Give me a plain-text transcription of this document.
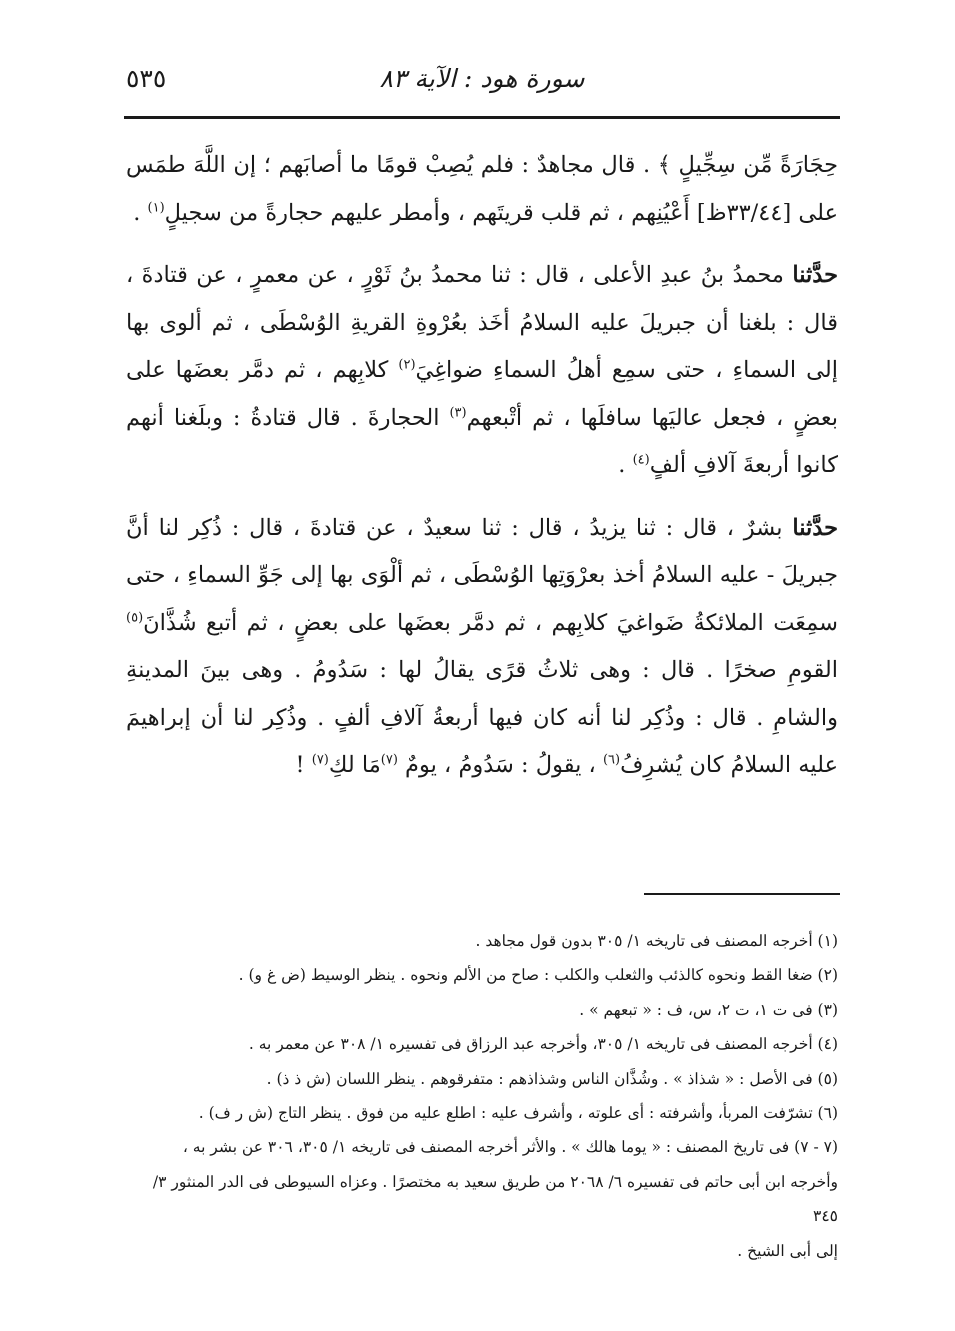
سورة هود : الآية ٨٣
٥٣٥

حِجَارَةً مِّن سِجِّيلٍ ﴾ . قال مجاهدٌ : فلم يُصِبْ قومًا ما أصابَهم ؛ إن اللَّهَ طمَس على [٣٣/٤٤ظ] أَعْيُنِهم ، ثم قلب قريتَهم ، وأمطر عليهم حجارةً من سجيلٍ$^{(١)}$ .

حدَّثنا محمدُ بنُ عبدِ الأعلى ، قال : ثنا محمدُ بنُ ثَوْرٍ ، عن معمرٍ ، عن قتادةَ ، قال : بلغنا أن جبريلَ عليه السلامُ أخَذ بعُرْوةِ القريةِ الوُسْطَى ، ثم ألوى بها إلى السماءِ ، حتى سمِع أهلُ السماءِ ضواغِيَ$^{(٢)}$ كلابِهم ، ثم دمَّر بعضَها على بعضٍ ، فجعل عاليَها سافلَها ، ثم أتْبعهم$^{(٣)}$ الحجارةَ . قال قتادةُ : وبلَغنا أنهم كانوا أربعةَ آلافِ ألفٍ$^{(٤)}$ .

حدَّثنا بشرٌ ، قال : ثنا يزيدُ ، قال : ثنا سعيدٌ ، عن قتادةَ ، قال : ذُكِر لنا أنَّ جبريلَ - عليه السلامُ أخذ بعرْوَتِها الوُسْطَى ، ثم ألْوَى بها إلى جَوِّ السماءِ ، حتى سمِعَت الملائكةُ ضَواغيَ كلابِهم ، ثم دمَّر بعضَها على بعضٍ ، ثم أتبع شُذَّانَ$^{(٥)}$ القومِ صخرًا . قال : وهى ثلاثُ قرًى يقالُ لها : سَدُومُ . وهى بينَ المدينةِ والشامِ . قال : وذُكِر لنا أنه كان فيها أربعةُ آلافِ ألفٍ . وذُكِر لنا أن إبراهيمَ عليه السلامُ كان يُشرِفُ$^{(٦)}$ ، يقولُ : سَدُومُ ، يومٌ $^{(٧)}$مَا لكِ$^{(٧)}$ !

(١) أخرجه المصنف فى تاريخه ١/ ٣٠٥ بدون قول مجاهد .

(٢) ضغا القط ونحوه كالذئب والثعلب والكلب : صاح من الألم ونحوه . ينظر الوسيط (ض غ و) .

(٣) فى ت ١، ت ٢، س، ف : « تبعهم » .

(٤) أخرجه المصنف فى تاريخه ١/ ٣٠٥، وأخرجه عبد الرزاق فى تفسيره ١/ ٣٠٨ عن معمر به .

(٥) فى الأصل : « شذاذ » . وشُذَّان الناس وشذاذهم : متفرقوهم . ينظر اللسان (ش ذ ذ) .

(٦) تشرّفت المربأ، وأشرفته : أى علوته ، وأشرف عليه : اطلع عليه من فوق . ينظر التاج (ش ر ف) .

(٧ - ٧) فى تاريخ المصنف : « يوما هالك » . والأثر أخرجه المصنف فى تاريخه ١/ ٣٠٥، ٣٠٦ عن بشر به ،

وأخرجه ابن أبى حاتم فى تفسيره ٦/ ٢٠٦٨ من طريق سعيد به مختصرًا . وعزاه السيوطى فى الدر المنثور ٣/ ٣٤٥

إلى أبى الشيخ .
